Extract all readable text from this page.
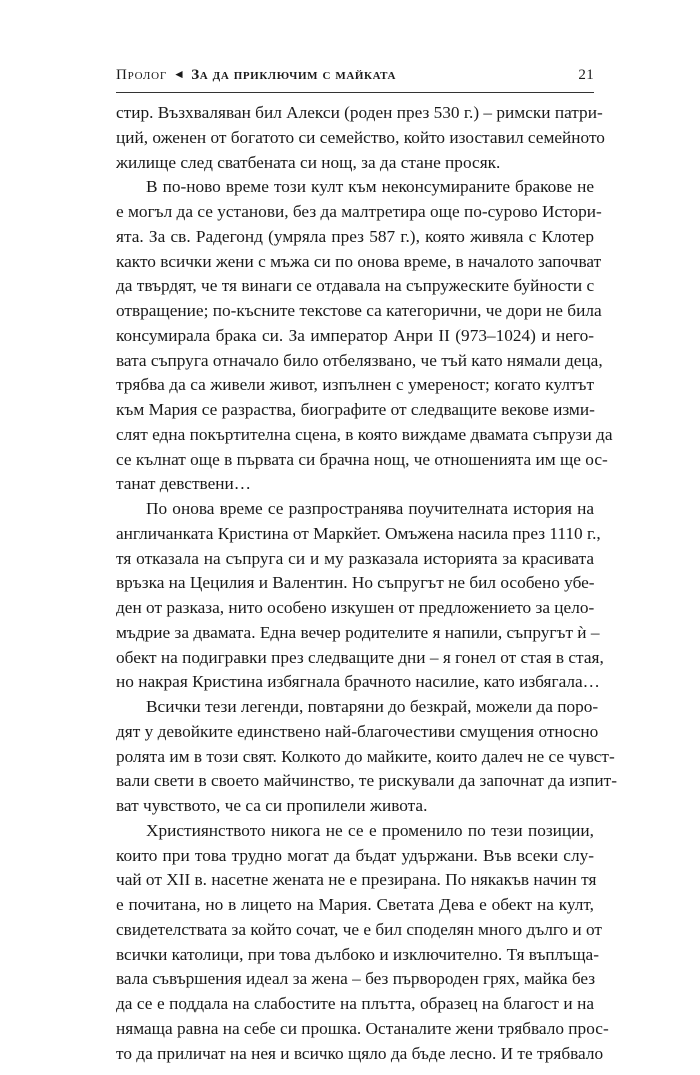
Пролог ◄ За да приключим с майката	21

стир. Възхваляван бил Алекси (роден през 530 г.) – римски патри-
ций, оженен от богатото си семейство, който изоставил семейното
жилище след сватбената си нощ, за да стане просяк.

В по-ново време този култ към неконсумираните бракове не
е могъл да се установи, без да малтретира още по-сурово Истори-
ята. За св. Радегонд (умряла през 587 г.), която живяла с Клотер
както всички жени с мъжа си по онова време, в началото започват
да твърдят, че тя винаги се отдавала на съпружеските буйности с
отвращение; по-късните текстове са категорични, че дори не била
консумирала брака си. За император Анри II (973–1024) и него-
вата съпруга отначало било отбелязвано, че тъй като нямали деца,
трябва да са живели живот, изпълнен с умереност; когато култът
към Мария се разраства, биографите от следващите векове изми-
слят една покъртителна сцена, в която виждаме двамата съпрузи да
се кълнат още в първата си брачна нощ, че отношенията им ще ос-
танат девствени…

По онова време се разпространява поучителната история на
англичанката Кристина от Маркйет. Омъжена насила през 1110 г.,
тя отказала на съпруга си и му разказала историята за красивата
връзка на Цецилия и Валентин. Но съпругът не бил особено убе-
ден от разказа, нито особено изкушен от предложението за цело-
мъдрие за двамата. Една вечер родителите я напили, съпругът ѝ –
обект на подигравки през следващите дни – я гонел от стая в стая,
но накрая Кристина избягнала брачното насилие, като избягала…

Всички тези легенди, повтаряни до безкрай, можели да поро-
дят у девойките единствено най-благочестиви смущения относно
ролята им в този свят. Колкото до майките, които далеч не се чувст-
вали свети в своето майчинство, те рискували да започнат да изпит-
ват чувството, че са си пропилели живота.

Християнството никога не се е променило по тези позиции,
които при това трудно могат да бъдат удържани. Във всеки слу-
чай от XII в. насетне жената не е презирана. По някакъв начин тя
е почитана, но в лицето на Мария. Светата Дева е обект на култ,
свидетелствата за който сочат, че е бил споделян много дълго и от
всички католици, при това дълбоко и изключително. Тя въплъща-
вала съвършения идеал за жена – без първороден грях, майка без
да се е поддала на слабостите на плътта, образец на благост и на
нямаща равна на себе си прошка. Останалите жени трябвало прос-
то да приличат на нея и всичко щяло да бъде лесно. И те трябвало
